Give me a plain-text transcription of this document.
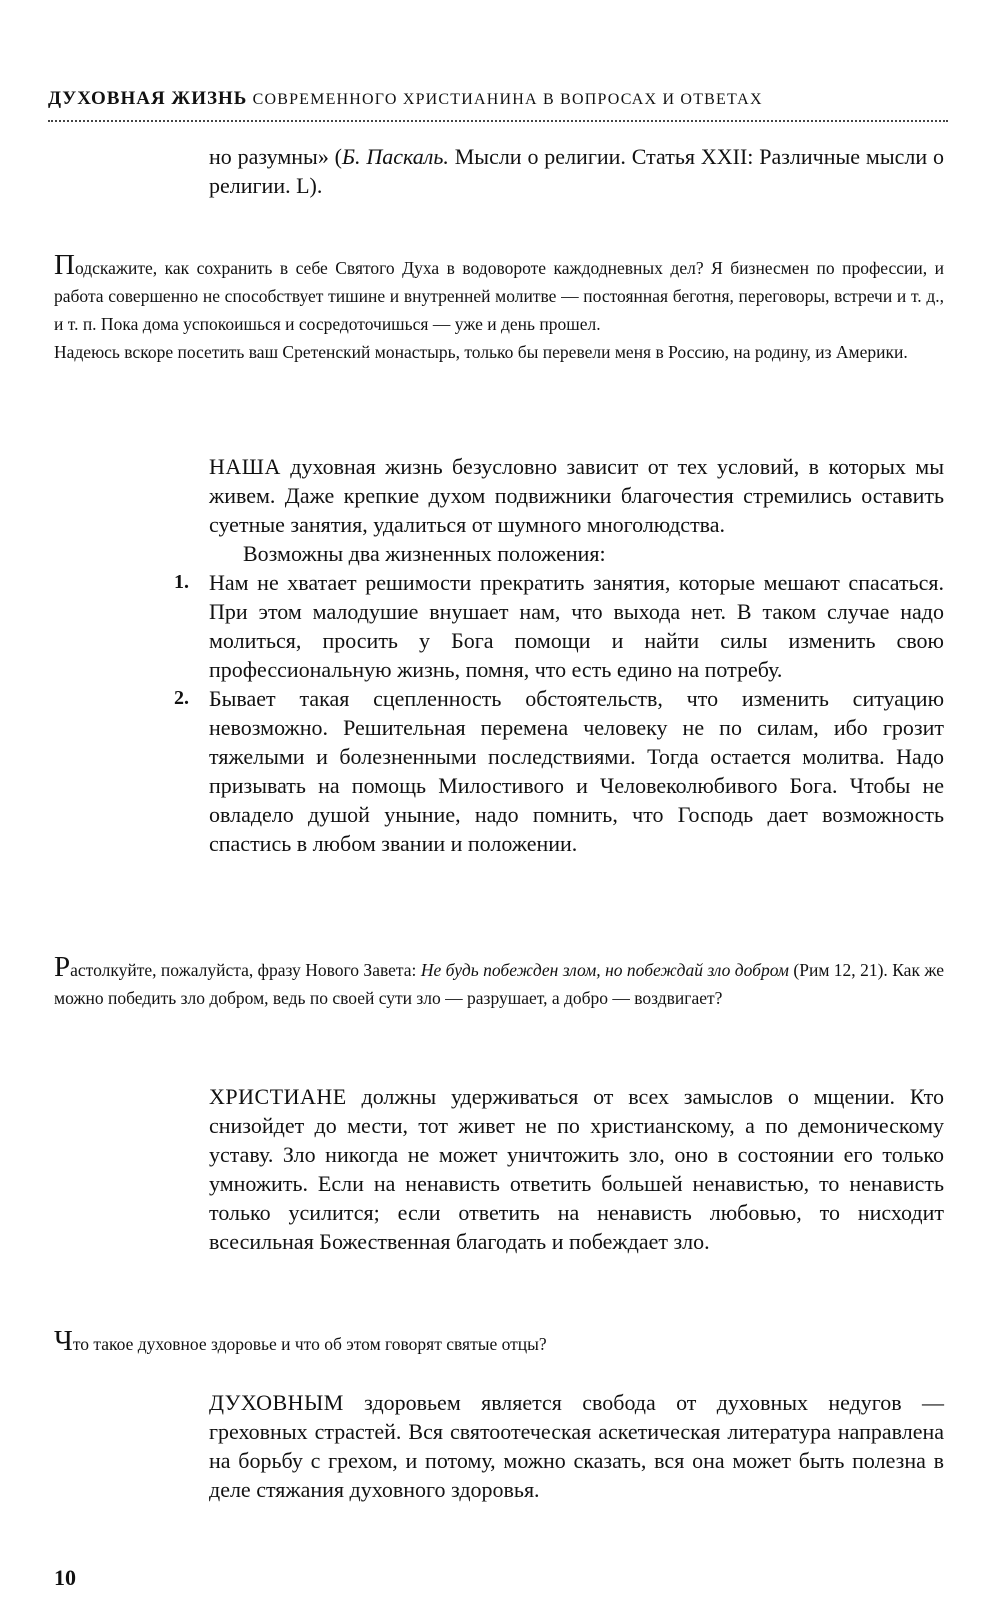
ДУХОВНАЯ ЖИЗНЬ СОВРЕМЕННОГО ХРИСТИАНИНА В ВОПРОСАХ И ОТВЕТАХ

но разумны» (Б. Паскаль. Мысли о религии. Статья XXII: Различные мысли о религии. L).

Подскажите, как сохранить в себе Святого Духа в водовороте каждодневных дел? Я бизнесмен по профессии, и работа совершенно не способствует тишине и внутренней молитве — постоянная беготня, переговоры, встречи и т. д., и т. п. Пока дома успокоишься и сосредоточишься — уже и день прошел.

Надеюсь вскоре посетить ваш Сретенский монастырь, только бы перевели меня в Россию, на родину, из Америки.

НАША духовная жизнь безусловно зависит от тех условий, в которых мы живем. Даже крепкие духом подвижники благочестия стремились оставить суетные занятия, удалиться от шумного многолюдства.

Возможны два жизненных положения:

1. Нам не хватает решимости прекратить занятия, которые мешают спасаться. При этом малодушие внушает нам, что выхода нет. В таком случае надо молиться, просить у Бога помощи и найти силы изменить свою профессиональную жизнь, помня, что есть едино на потребу.
2. Бывает такая сцепленность обстоятельств, что изменить ситуацию невозможно. Решительная перемена человеку не по силам, ибо грозит тяжелыми и болезненными последствиями. Тогда остается молитва. Надо призывать на помощь Милостивого и Человеколюбивого Бога. Чтобы не овладело душой уныние, надо помнить, что Господь дает возможность спастись в любом звании и положении.

Растолкуйте, пожалуйста, фразу Нового Завета: Не будь побежден злом, но побеждай зло добром (Рим 12, 21). Как же можно победить зло добром, ведь по своей сути зло — разрушает, а добро — воздвигает?

ХРИСТИАНЕ должны удерживаться от всех замыслов о мщении. Кто снизойдет до мести, тот живет не по христианскому, а по демоническому уставу. Зло никогда не может уничтожить зло, оно в состоянии его только умножить. Если на ненависть ответить большей ненавистью, то ненависть только усилится; если ответить на ненависть любовью, то нисходит всесильная Божественная благодать и побеждает зло.

Что такое духовное здоровье и что об этом говорят святые отцы?

ДУХОВНЫМ здоровьем является свобода от духовных недугов — греховных страстей. Вся святоотеческая аскетическая литература направлена на борьбу с грехом, и потому, можно сказать, вся она может быть полезна в деле стяжания духовного здоровья.

10
